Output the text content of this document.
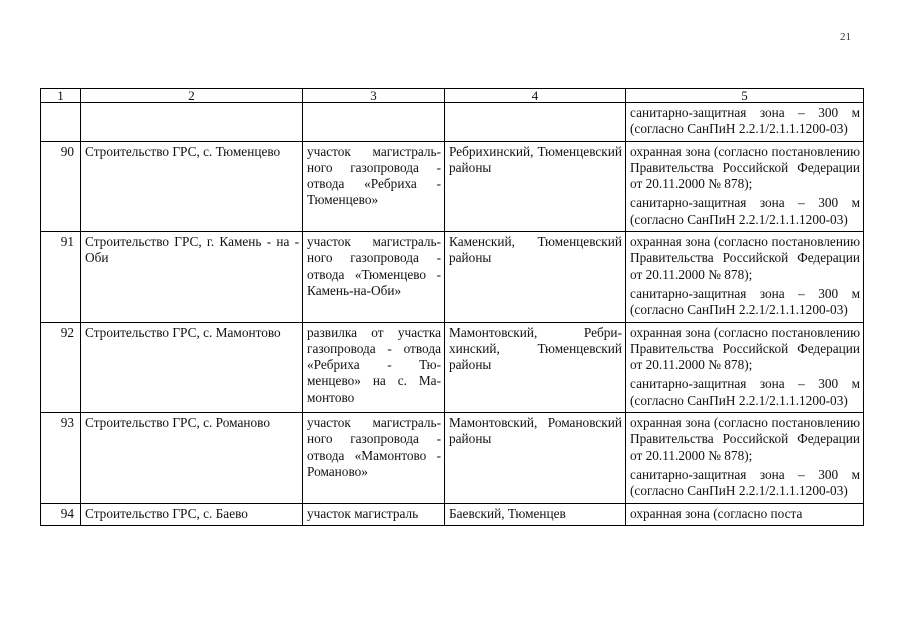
21
1	2	3	4	5

				санитарно-защитная зона – 300 м (согласно СанПиН 2.2.1/2.1.1.1200-03)

90	Строительство ГРС, с. Тюменцево	участок магистрального газопровода - отвода «Ребриха - Тюменцево»	Ребрихинский, Тюменцевский районы	охранная зона (согласно постановлению Правительства Российской Федерации от 20.11.2000 № 878);
санитарно-защитная зона – 300 м (согласно СанПиН 2.2.1/2.1.1.1200-03)

91	Строительство ГРС, г. Камень - на - Оби	участок магистрального газопровода - отвода «Тюменцево - Камень-на-Оби»	Каменский, Тюменцевский районы	охранная зона (согласно постановлению Правительства Российской Федерации от 20.11.2000 № 878);
санитарно-защитная зона – 300 м (согласно СанПиН 2.2.1/2.1.1.1200-03)

92	Строительство ГРС, с. Мамонтово	развилка от участка газопровода - отвода «Ребриха - Тюменцево» на с. Мамонтово	Мамонтовский, Ребрихинский, Тюменцевский районы	охранная зона (согласно постановлению Правительства Российской Федерации от 20.11.2000 № 878);
санитарно-защитная зона – 300 м (согласно СанПиН 2.2.1/2.1.1.1200-03)

93	Строительство ГРС, с. Романово	участок магистрального газопровода - отвода «Мамонтово - Романово»	Мамонтовский, Романовский районы	охранная зона (согласно постановлению Правительства Российской Федерации от 20.11.2000 № 878);
санитарно-защитная зона – 300 м (согласно СанПиН 2.2.1/2.1.1.1200-03)

94	Строительство ГРС, с. Баево	участок магистраль	Баевский, Тюменцев	охранная зона (согласно поста
